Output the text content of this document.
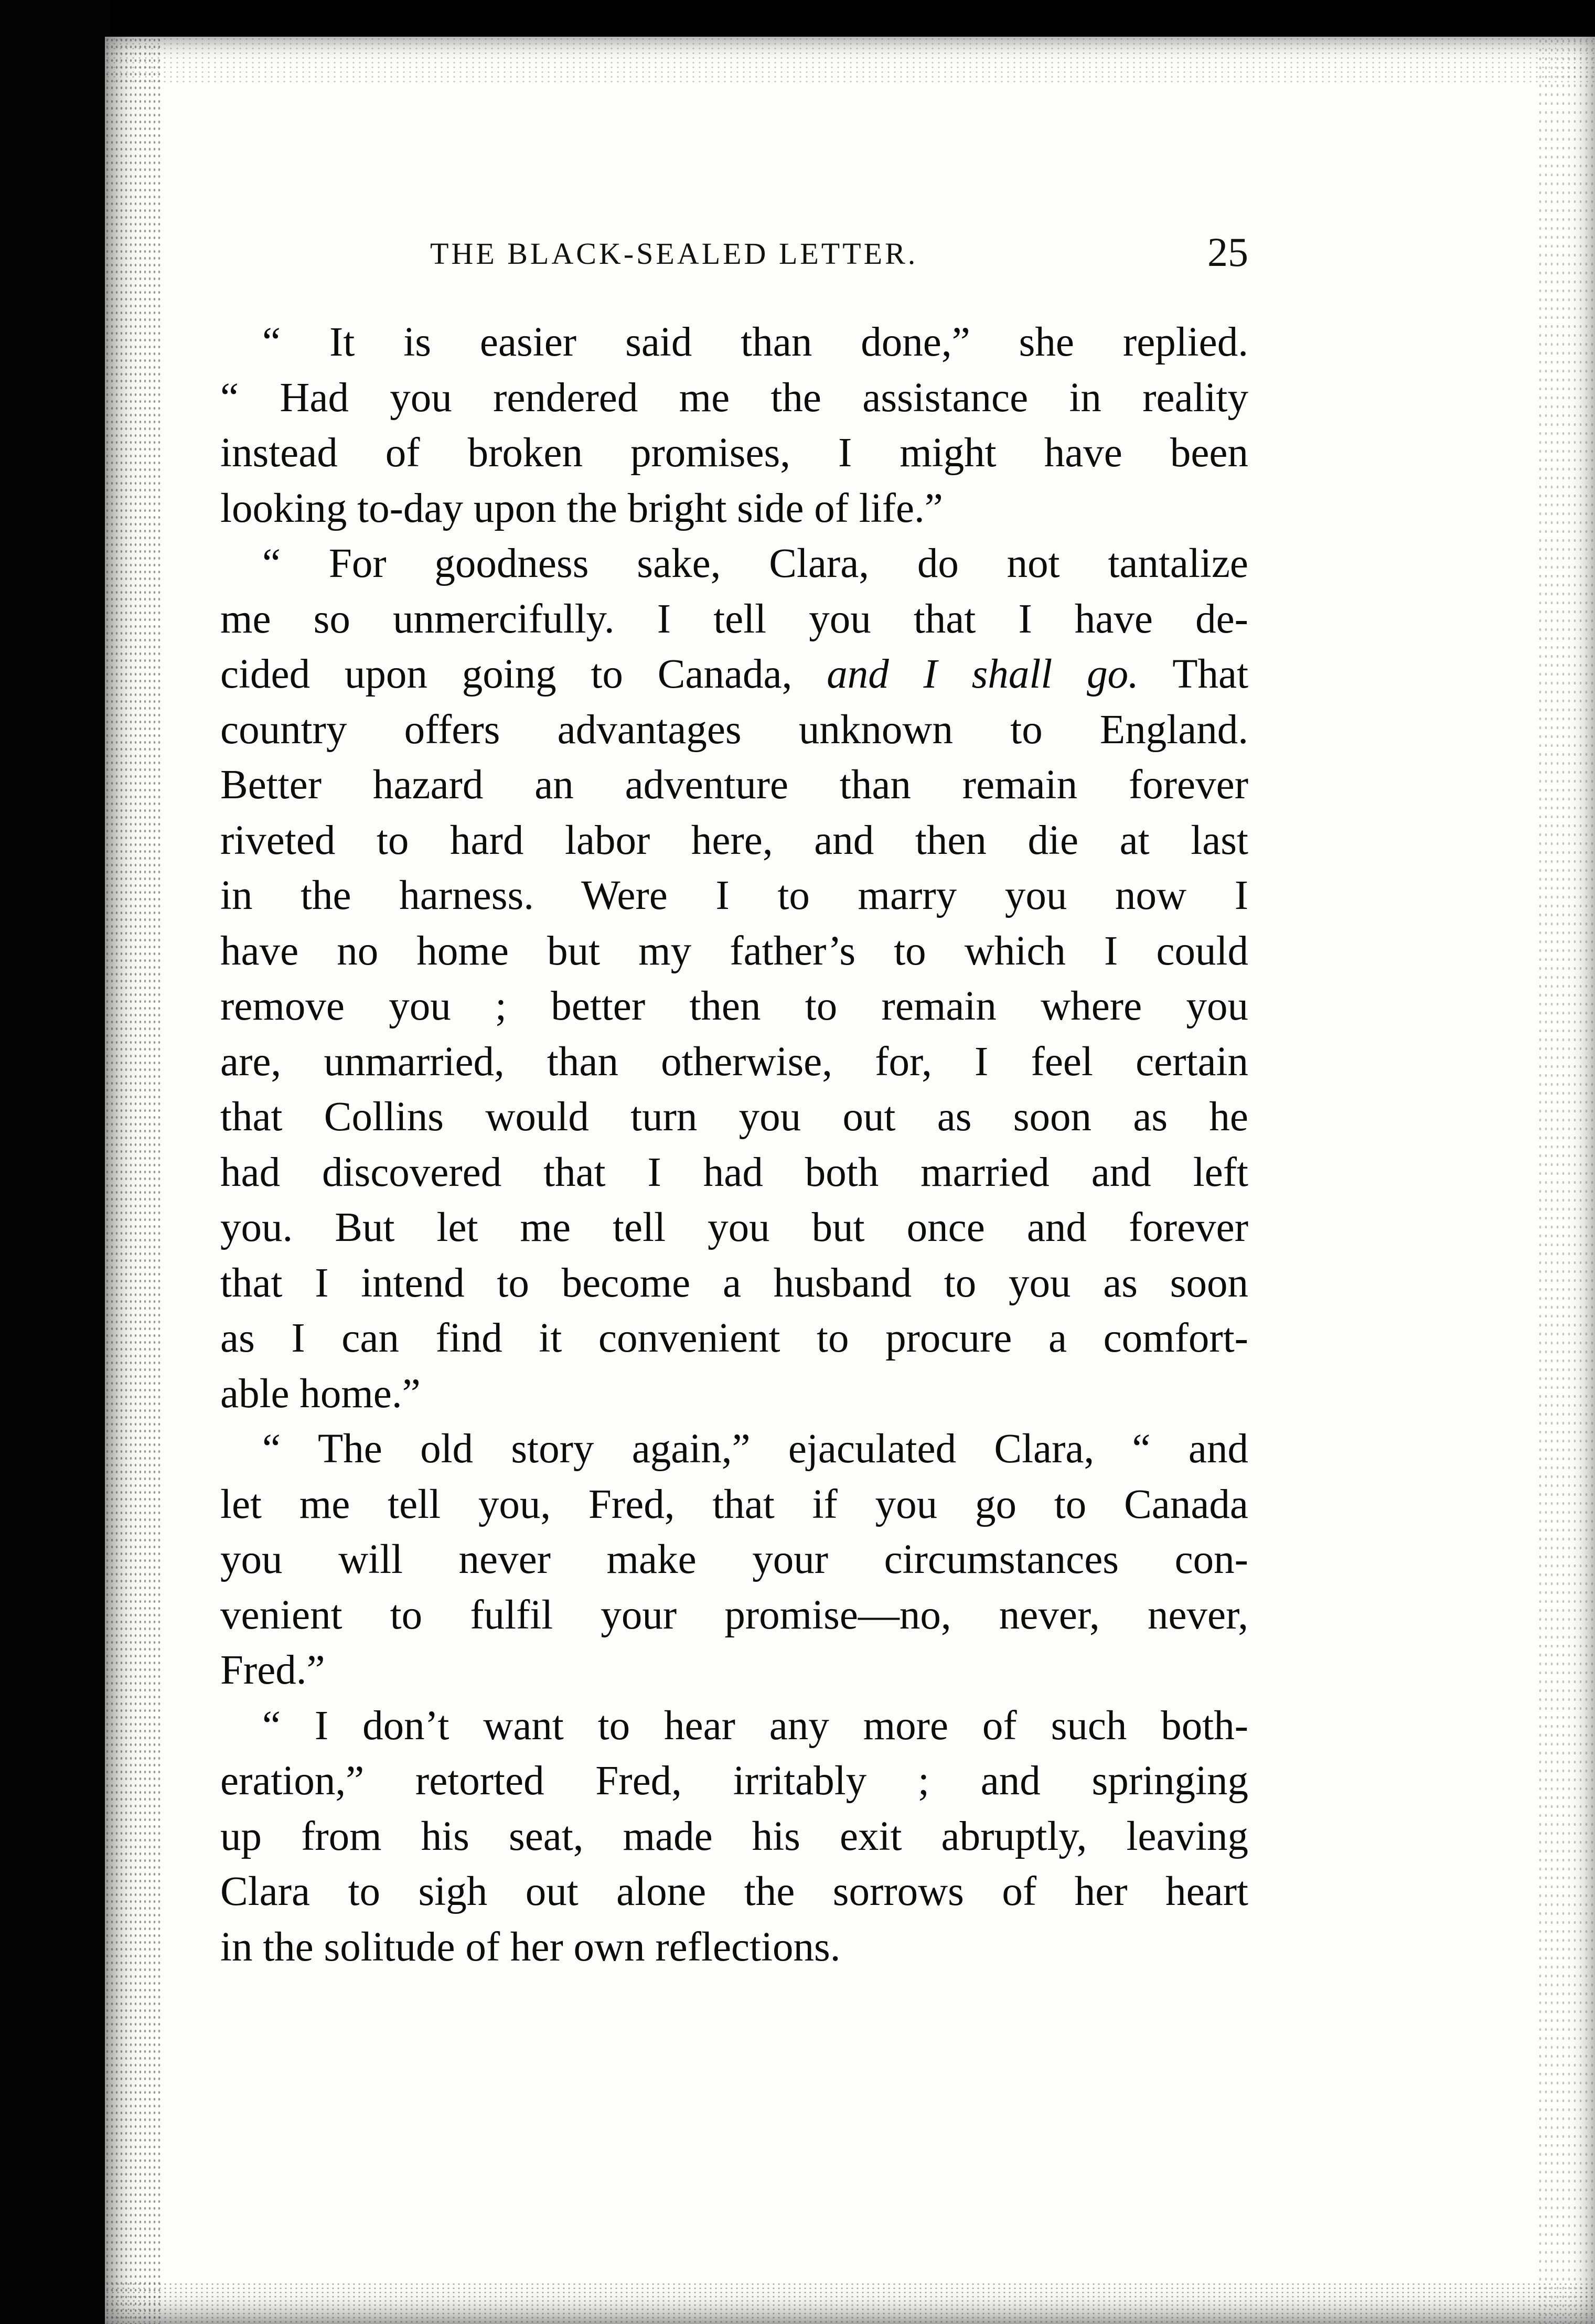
THE BLACK-SEALED LETTER.	25
“ It is easier said than done,” she replied.
“ Had you rendered me the assistance in reality
instead of broken promises, I might have been
looking to-day upon the bright side of life.”
“ For goodness sake, Clara, do not tantalize
me so unmercifully. I tell you that I have de-
cided upon going to Canada, and I shall go. That
country offers advantages unknown to England.
Better hazard an adventure than remain forever
riveted to hard labor here, and then die at last
in the harness. Were I to marry you now I
have no home but my father’s to which I could
remove you ; better then to remain where you
are, unmarried, than otherwise, for, I feel certain
that Collins would turn you out as soon as he
had discovered that I had both married and left
you. But let me tell you but once and forever
that I intend to become a husband to you as soon
as I can find it convenient to procure a comfort-
able home.”
“ The old story again,” ejaculated Clara, “ and
let me tell you, Fred, that if you go to Canada
you will never make your circumstances con-
venient to fulfil your promise—no, never, never,
Fred.”
“ I don’t want to hear any more of such both-
eration,” retorted Fred, irritably ; and springing
up from his seat, made his exit abruptly, leaving
Clara to sigh out alone the sorrows of her heart
in the solitude of her own reflections.
